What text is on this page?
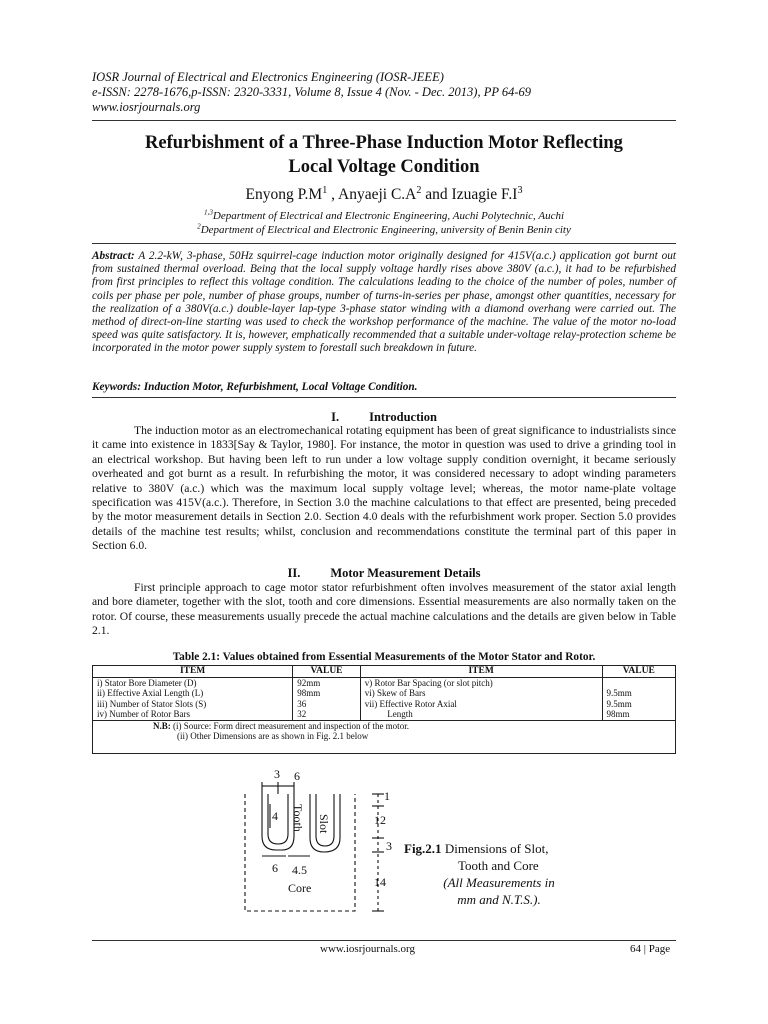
IOSR Journal of Electrical and Electronics Engineering (IOSR-JEEE)
e-ISSN: 2278-1676,p-ISSN: 2320-3331, Volume 8, Issue 4 (Nov. - Dec. 2013), PP 64-69
www.iosrjournals.org
Refurbishment of a Three-Phase Induction Motor Reflecting
Local Voltage Condition
Enyong $P.M^1$ , Anyaeji $C.A^2$ and Izuagie $F.I^3$
$^{1,3}$Department of Electrical and Electronic Engineering, Auchi Polytechnic, Auchi
$^2$Department of Electrical and Electronic Engineering, university of Benin Benin city
Abstract: A 2.2-kW, 3-phase, 50Hz squirrel-cage induction motor originally designed for 415V(a.c.) application got burnt out from sustained thermal overload. Being that the local supply voltage hardly rises above 380V (a.c.), it had to be refurbished from first principles to reflect this voltage condition. The calculations leading to the choice of the number of poles, number of coils per phase per pole, number of phase groups, number of turns-in-series per phase, amongst other quantities, necessary for the realization of a 380V(a.c.) double-layer lap-type 3-phase stator winding with a diamond overhang were carried out. The method of direct-on-line starting was used to check the workshop performance of the machine. The value of the motor no-load speed was quite satisfactory. It is, however, emphatically recommended that a suitable under-voltage relay-protection scheme be incorporated in the motor power supply system to forestall such breakdown in future.
Keywords: Induction Motor, Refurbishment, Local Voltage Condition.
I. Introduction

The induction motor as an electromechanical rotating equipment has been of great significance to industrialists since it came into existence in 1833[Say & Taylor, 1980]. For instance, the motor in question was used to drive a grinding tool in an electrical workshop. But having been left to run under a low voltage supply condition overnight, it became seriously overheated and got burnt as a result. In refurbishing the motor, it was considered necessary to adopt winding parameters relative to 380V (a.c.) which was the maximum local supply voltage level; whereas, the motor name-plate voltage specification was 415V(a.c.). Therefore, in Section 3.0 the machine calculations to that effect are presented, being preceded by the motor measurement details in Section 2.0. Section 4.0 deals with the refurbishment work proper. Section 5.0 provides details of the machine test results; whilst, conclusion and recommendations constitute the terminal part of this paper in Section 6.0.

II. Motor Measurement Details

First principle approach to cage motor stator refurbishment often involves measurement of the stator axial length and bore diameter, together with the slot, tooth and core dimensions. Essential measurements are also normally taken on the rotor. Of course, these measurements usually precede the actual machine calculations and the details are given below in Table 2.1.

Table 2.1: Values obtained from Essential Measurements of the Motor Stator and Rotor.
ITEM	VALUE	ITEM	VALUE
i) Stator Bore Diameter (D)	92mm	v) Rotor Bar Spacing (or slot pitch)	
ii) Effective Axial Length (L)	98mm	vi) Skew of Bars	9.5mm
iii) Number of Stator Slots (S)	36	vii) Effective Rotor Axial	9.5mm
iv) Number of Rotor Bars	32	Length	98mm
N.B: (i) Source: Form direct measurement and inspection of the motor.
(ii) Other Dimensions are as shown in Fig. 2.1 below			
3 6
4 Tooth Slot
6 4.5
Core
1
12
3
14
Fig.2.1 Dimensions of Slot,
Tooth and Core
(All Measurements in
mm and N.T.S.).
www.iosrjournals.org	64 | Page
